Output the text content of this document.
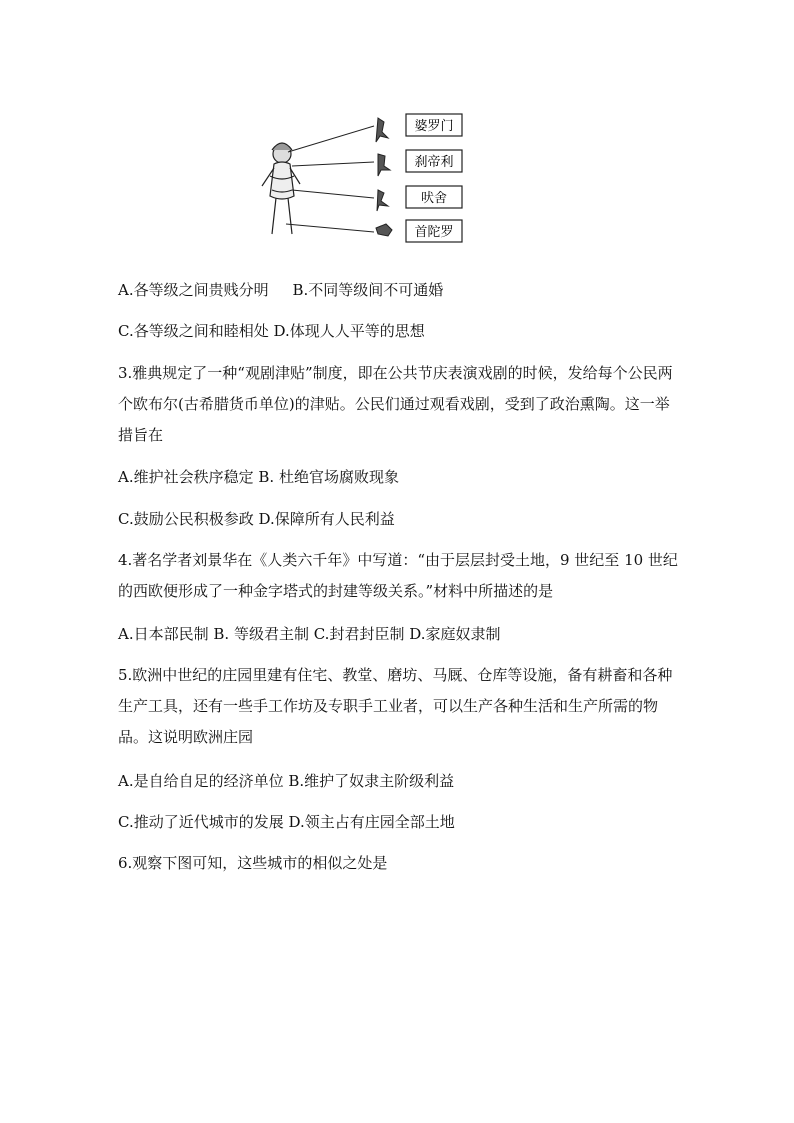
婆罗门
刹帝利
吠舍
首陀罗
A.各等级之间贵贱分明 B.不同等级间不可通婚
C.各等级之间和睦相处 D.体现人人平等的思想
3.雅典规定了一种“观剧津贴”制度，即在公共节庆表演戏剧的时候，发给每个公民两个欧布尔(古希腊货币单位)的津贴。公民们通过观看戏剧，受到了政治熏陶。这一举措旨在
A.维护社会秩序稳定 B. 杜绝官场腐败现象
C.鼓励公民积极参政 D.保障所有人民利益
4.著名学者刘景华在《人类六千年》中写道：“由于层层封受土地，9 世纪至 10 世纪的西欧便形成了一种金字塔式的封建等级关系。”材料中所描述的是
A.日本部民制 B. 等级君主制 C.封君封臣制 D.家庭奴隶制
5.欧洲中世纪的庄园里建有住宅、教堂、磨坊、马厩、仓库等设施，备有耕畜和各种生产工具，还有一些手工作坊及专职手工业者，可以生产各种生活和生产所需的物品。这说明欧洲庄园
A.是自给自足的经济单位 B.维护了奴隶主阶级利益
C.推动了近代城市的发展 D.领主占有庄园全部土地
6.观察下图可知，这些城市的相似之处是
